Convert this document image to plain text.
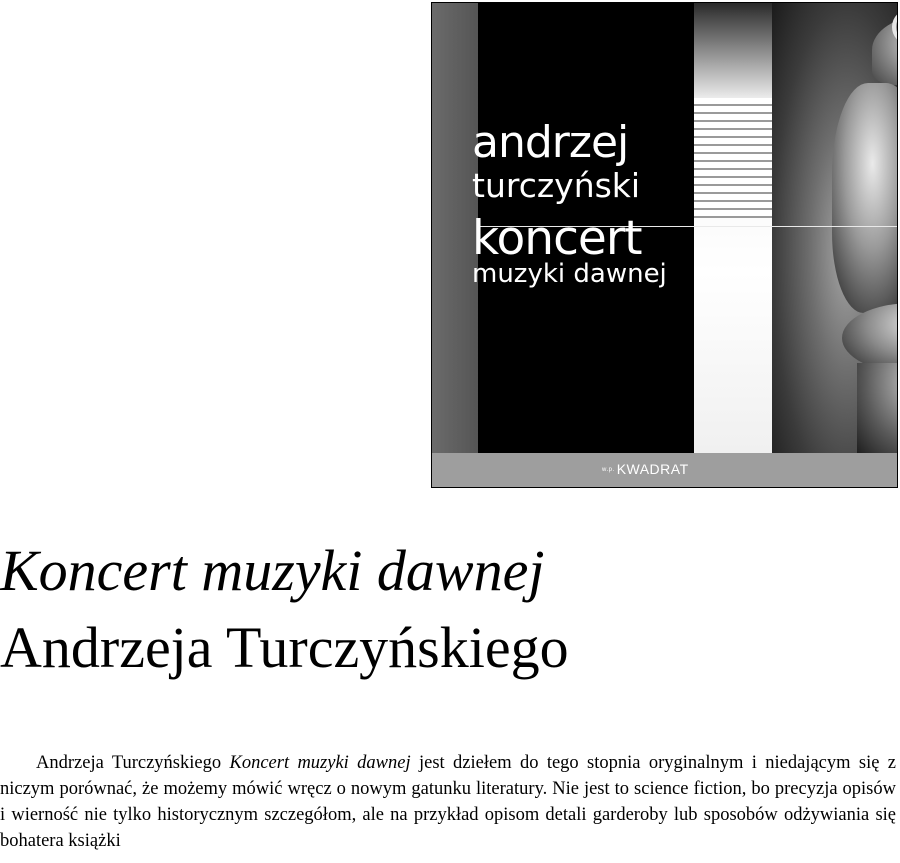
w.p. KWADRAT
andrzej
turczyński
koncert
muzyki dawnej
Koncert muzyki dawnej
Andrzeja Turczyńskiego

Andrzeja Turczyńskiego Koncert muzyki dawnej jest dziełem do tego stopnia oryginalnym i niedającym się z niczym porównać, że możemy mówić wręcz o nowym gatunku literatury. Nie jest to science fiction, bo precyzja opisów i wierność nie tylko historycznym szczegółom, ale na przykład opisom detali garderoby lub sposobów odżywiania się bohatera książki
